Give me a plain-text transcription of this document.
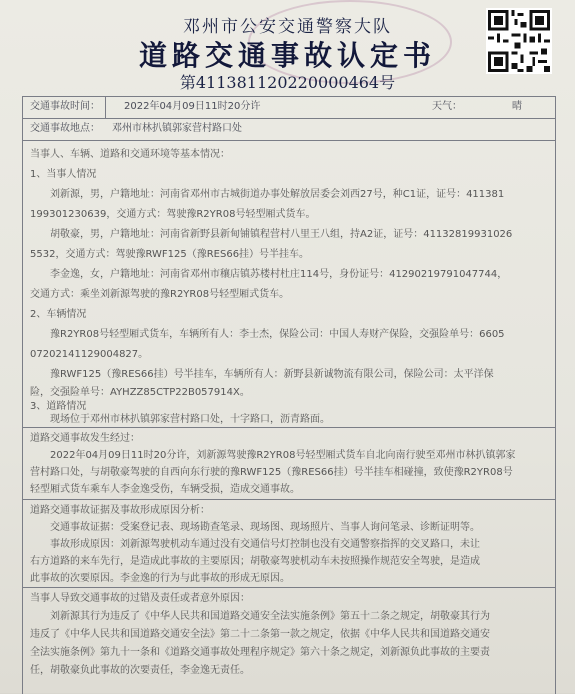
邓州市公安交通警察大队
道路交通事故认定书
第411381120220000464号
交通事故时间： 2022年04月09日11时20分许	天气：	晴
交通事故地点： 邓州市林扒镇郭家营村路口处
当事人、车辆、道路和交通环境等基本情况：
1、当事人情况
刘新源，男，户籍地址：河南省邓州市古城街道办事处解放居委会刘西27号，种C1证，证号：411381
199301230639，交通方式：驾驶豫R2YR08号轻型厢式货车。
胡敬豪，男，户籍地址：河南省新野县新甸铺镇程营村八里王八组，持A2证，证号：41132819931026
5532，交通方式：驾驶豫RWF125（豫RES66挂）号半挂车。
李金逸，女，户籍地址：河南省邓州市穰店镇苏楼村杜庄114号，身份证号：41290219791047744，
交通方式：乘坐刘新源驾驶的豫R2YR08号轻型厢式货车。
2、车辆情况
豫R2YR08号轻型厢式货车，车辆所有人：李士杰，保险公司：中国人寿财产保险，交强险单号：6605
07202141129004827。
豫RWF125（豫RES66挂）号半挂车，车辆所有人：新野县新诚物流有限公司，保险公司：太平洋保
险，交强险单号：AYHZZ85CTP22B057914X。
3、道路情况
现场位于邓州市林扒镇郭家营村路口处，十字路口，沥青路面。
道路交通事故发生经过：
2022年04月09日11时20分许，刘新源驾驶豫R2YR08号轻型厢式货车自北向南行驶至邓州市林扒镇郭家
营村路口处，与胡敬豪驾驶的自西向东行驶的豫RWF125（豫RES66挂）号半挂车相碰撞，致使豫R2YR08号
轻型厢式货车乘车人李金逸受伤，车辆受损，造成交通事故。
道路交通事故证据及事故形成原因分析：
交通事故证据：受案登记表、现场勘查笔录、现场图、现场照片、当事人询问笔录、诊断证明等。
事故形成原因：刘新源驾驶机动车通过没有交通信号灯控制也没有交通警察指挥的交叉路口，未让
右方道路的来车先行，是造成此事故的主要原因；胡敬豪驾驶机动车未按照操作规范安全驾驶，是造成
此事故的次要原因。李金逸的行为与此事故的形成无原因。
当事人导致交通事故的过错及责任或者意外原因：
刘新源其行为违反了《中华人民共和国道路交通安全法实施条例》第五十二条之规定，胡敬豪其行为
违反了《中华人民共和国道路交通安全法》第二十二条第一款之规定，依据《中华人民共和国道路交通安
全法实施条例》第九十一条和《道路交通事故处理程序规定》第六十条之规定，刘新源负此事故的主要责
任，胡敬豪负此事故的次要责任，李金逸无责任。
